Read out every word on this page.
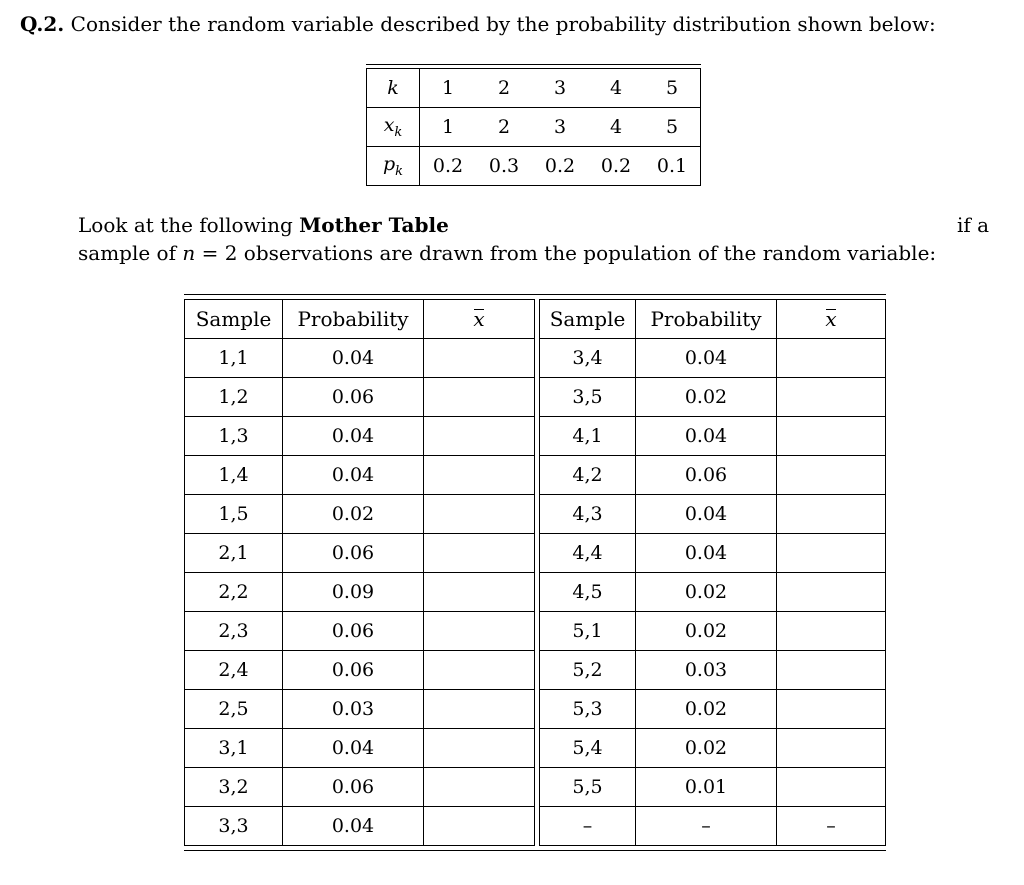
Q.2. Consider the random variable described by the probability distribution shown below:
k	1	2	3	4	5
$x_k$	1	2	3	4	5
$p_k$	0.2	0.3	0.2	0.2	0.1
Look at the following Mother Table
sample of n = 2 observations are drawn from the population of the random variable:
if a
Sample	Probability	x		Sample	Probability	x
1,1	0.04			3,4	0.04	
1,2	0.06			3,5	0.02	
1,3	0.04			4,1	0.04	
1,4	0.04			4,2	0.06	
1,5	0.02			4,3	0.04	
2,1	0.06			4,4	0.04	
2,2	0.09			4,5	0.02	
2,3	0.06			5,1	0.02	
2,4	0.06			5,2	0.03	
2,5	0.03			5,3	0.02	
3,1	0.04			5,4	0.02	
3,2	0.06			5,5	0.01	
3,3	0.04			–	–	–
